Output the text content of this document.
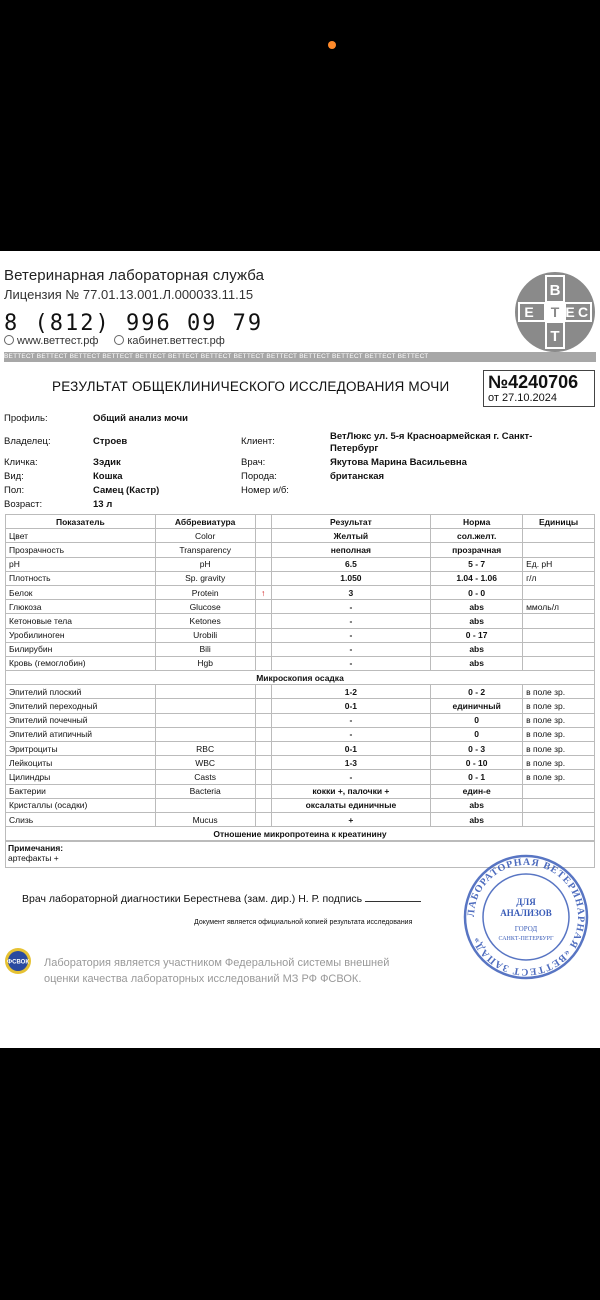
Ветеринарная лабораторная служба
Лицензия № 77.01.13.001.Л.000033.11.15
8 (812) 996 09 79
www.веттест.рф	кабинет.веттест.рф
В
Е Т Е С
Т
ВЕТТЕСТ ВЕТТЕСТ ВЕТТЕСТ ВЕТТЕСТ ВЕТТЕСТ ВЕТТЕСТ ВЕТТЕСТ ВЕТТЕСТ ВЕТТЕСТ ВЕТТЕСТ ВЕТТЕСТ ВЕТТЕСТ ВЕТТЕСТ
РЕЗУЛЬТАТ ОБЩЕКЛИНИЧЕСКОГО ИССЛЕДОВАНИЯ МОЧИ №4240706
от 27.10.2024
Профиль:	Общий анализ мочи
Владелец:	Строев	Клиент:	ВетЛюкс ул. 5-я Красноармейская г. Санкт-Петербург
Кличка:	Зэдик	Врач:	Якутова Марина Васильевна
Вид:	Кошка	Порода:	британская
Пол:	Самец (Кастр)	Номер и/б:
Возраст:	13 л
Показатель	Аббревиатура		Результат	Норма	Единицы
Цвет	Color		Желтый	сол.желт.	
Прозрачность	Transparency		неполная	прозрачная	
pH	pH		6.5	5 - 7	Ед. рН
Плотность	Sp. gravity		1.050	1.04 - 1.06	г/л
Белок	Protein	↑	3	0 - 0	
Глюкоза	Glucose		-	abs	ммоль/л
Кетоновые тела	Ketones		-	abs	
Уробилиноген	Urobili		-	0 - 17	
Билирубин	Bili		-	abs	
Кровь (гемоглобин)	Hgb		-	abs	
Микроскопия осадка					
Эпителий плоский			1-2	0 - 2	в поле зр.
Эпителий переходный			0-1	единичный	в поле зр.
Эпителий почечный			-	0	в поле зр.
Эпителий атипичный			-	0	в поле зр.
Эритроциты	RBC		0-1	0 - 3	в поле зр.
Лейкоциты	WBC		1-3	0 - 10	в поле зр.
Цилиндры	Casts		-	0 - 1	в поле зр.
Бактерии	Bacteria		кокки +, палочки +	един-е	
Кристаллы (осадки)			оксалаты единичные	abs	
Слизь	Mucus		+	abs	
Отношение микропротеина к креатинину					
Примечания:
артефакты +
Врач лабораторной диагностики Берестнева (зам. дир.) Н. Р. подпись
Документ является официальной копией результата исследования
ФСВОК Лаборатория является участником Федеральной системы внешней
оценки качества лабораторных исследований МЗ РФ ФСВОК.
ЛАБОРАТОРНАЯ ВЕТЕРИНАРНАЯ «ВЕТТЕСТ ЗАПАД»
ДЛЯ
АНАЛИЗОВ
ГОРОД
САНКТ-ПЕТЕРБУРГ
